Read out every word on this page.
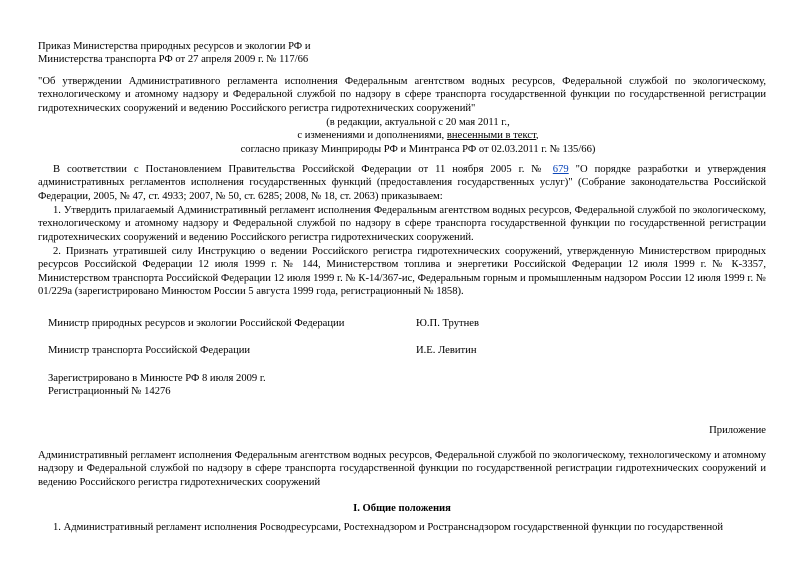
Приказ Министерства природных ресурсов и экологии РФ и
Министерства транспорта РФ от 27 апреля 2009 г. № 117/66
"Об утверждении Административного регламента исполнения Федеральным агентством водных ресурсов, Федеральной службой по экологическому, технологическому и атомному надзору и Федеральной службой по надзору в сфере транспорта государственной функции по государственной регистрации гидротехнических сооружений и ведению Российского регистра гидротехнических сооружений"
(в редакции, актуальной с 20 мая 2011 г.,
с изменениями и дополнениями, внесенными в текст,
согласно приказу Минприроды РФ и Минтранса РФ от 02.03.2011 г. № 135/66)
В соответствии с Постановлением Правительства Российской Федерации от 11 ноября 2005 г. № 679 "О порядке разработки и утверждения административных регламентов исполнения государственных функций (предоставления государственных услуг)" (Собрание законодательства Российской Федерации, 2005, № 47, ст. 4933; 2007, № 50, ст. 6285; 2008, № 18, ст. 2063) приказываем:
1. Утвердить прилагаемый Административный регламент исполнения Федеральным агентством водных ресурсов, Федеральной службой по экологическому, технологическому и атомному надзору и Федеральной службой по надзору в сфере транспорта государственной функции по государственной регистрации гидротехнических сооружений и ведению Российского регистра гидротехнических сооружений.
2. Признать утратившей силу Инструкцию о ведении Российского регистра гидротехнических сооружений, утвержденную Министерством природных ресурсов Российской Федерации 12 июля 1999 г. № 144, Министерством топлива и энергетики Российской Федерации 12 июля 1999 г. № К-3357, Министерством транспорта Российской Федерации 12 июля 1999 г. № К-14/367-ис, Федеральным горным и промышленным надзором России 12 июля 1999 г. № 01/229а (зарегистрировано Минюстом России 5 августа 1999 года, регистрационный № 1858).
Министр природных ресурсов и экологии Российской Федерации	Ю.П. Трутнев
Министр транспорта Российской Федерации	И.Е. Левитин
Зарегистрировано в Минюсте РФ 8 июля 2009 г.
Регистрационный № 14276
Приложение
Административный регламент исполнения Федеральным агентством водных ресурсов, Федеральной службой по экологическому, технологическому и атомному надзору и Федеральной службой по надзору в сфере транспорта государственной функции по государственной регистрации гидротехнических сооружений и ведению Российского регистра гидротехнических сооружений
I. Общие положения
1. Административный регламент исполнения Росводресурсами, Ростехнадзором и Ространснадзором государственной функции по государственной
